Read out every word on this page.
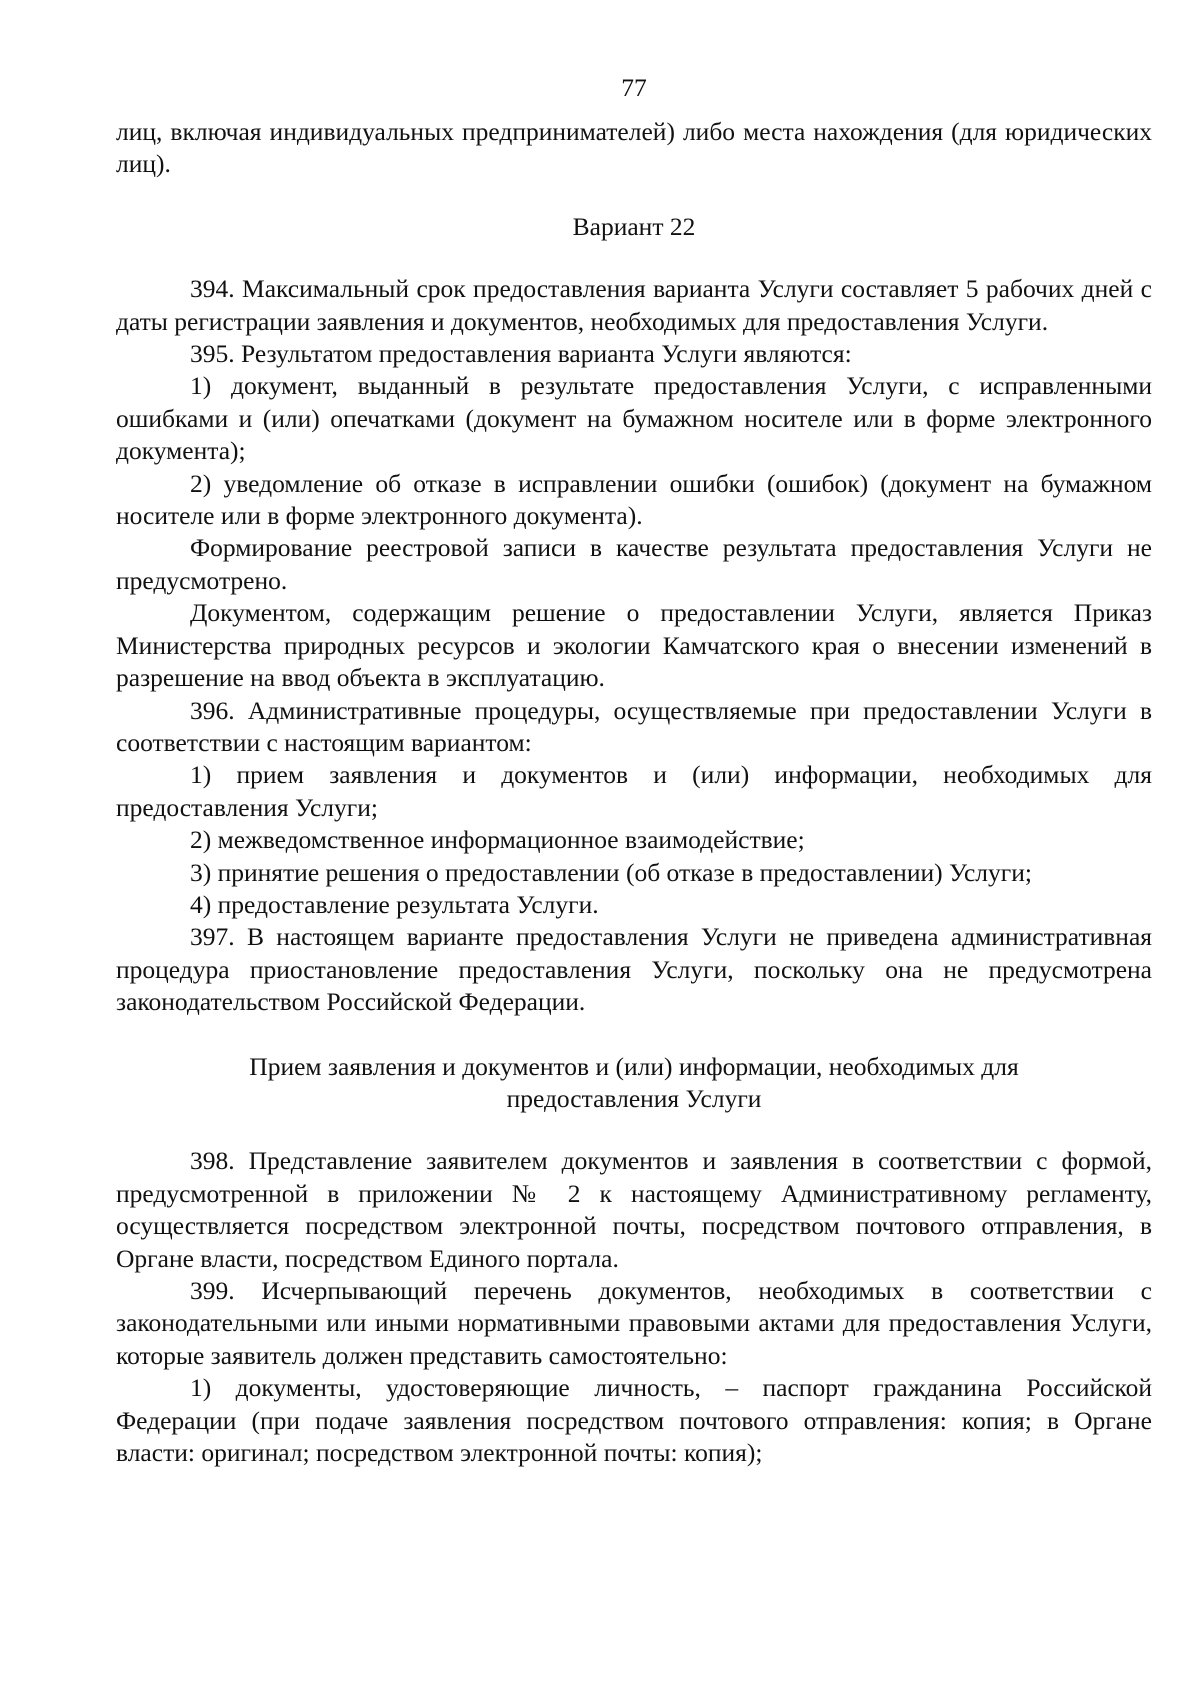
77

лиц, включая индивидуальных предпринимателей) либо места нахождения (для юридических лиц).

Вариант 22

394. Максимальный срок предоставления варианта Услуги составляет 5 рабочих дней с даты регистрации заявления и документов, необходимых для предоставления Услуги.

395. Результатом предоставления варианта Услуги являются:

1) документ, выданный в результате предоставления Услуги, с исправленными ошибками и (или) опечатками (документ на бумажном носителе или в форме электронного документа);

2) уведомление об отказе в исправлении ошибки (ошибок) (документ на бумажном носителе или в форме электронного документа).

Формирование реестровой записи в качестве результата предоставления Услуги не предусмотрено.

Документом, содержащим решение о предоставлении Услуги, является Приказ Министерства природных ресурсов и экологии Камчатского края о внесении изменений в разрешение на ввод объекта в эксплуатацию.

396. Административные процедуры, осуществляемые при предоставлении Услуги в соответствии с настоящим вариантом:

1) прием заявления и документов и (или) информации, необходимых для предоставления Услуги;

2) межведомственное информационное взаимодействие;

3) принятие решения о предоставлении (об отказе в предоставлении) Услуги;

4) предоставление результата Услуги.

397. В настоящем варианте предоставления Услуги не приведена административная процедура приостановление предоставления Услуги, поскольку она не предусмотрена законодательством Российской Федерации.

Прием заявления и документов и (или) информации, необходимых для предоставления Услуги

398. Представление заявителем документов и заявления в соответствии с формой, предусмотренной в приложении № 2 к настоящему Административному регламенту, осуществляется посредством электронной почты, посредством почтового отправления, в Органе власти, посредством Единого портала.

399. Исчерпывающий перечень документов, необходимых в соответствии с законодательными или иными нормативными правовыми актами для предоставления Услуги, которые заявитель должен представить самостоятельно:

1) документы, удостоверяющие личность, – паспорт гражданина Российской Федерации (при подаче заявления посредством почтового отправления: копия; в Органе власти: оригинал; посредством электронной почты: копия);
